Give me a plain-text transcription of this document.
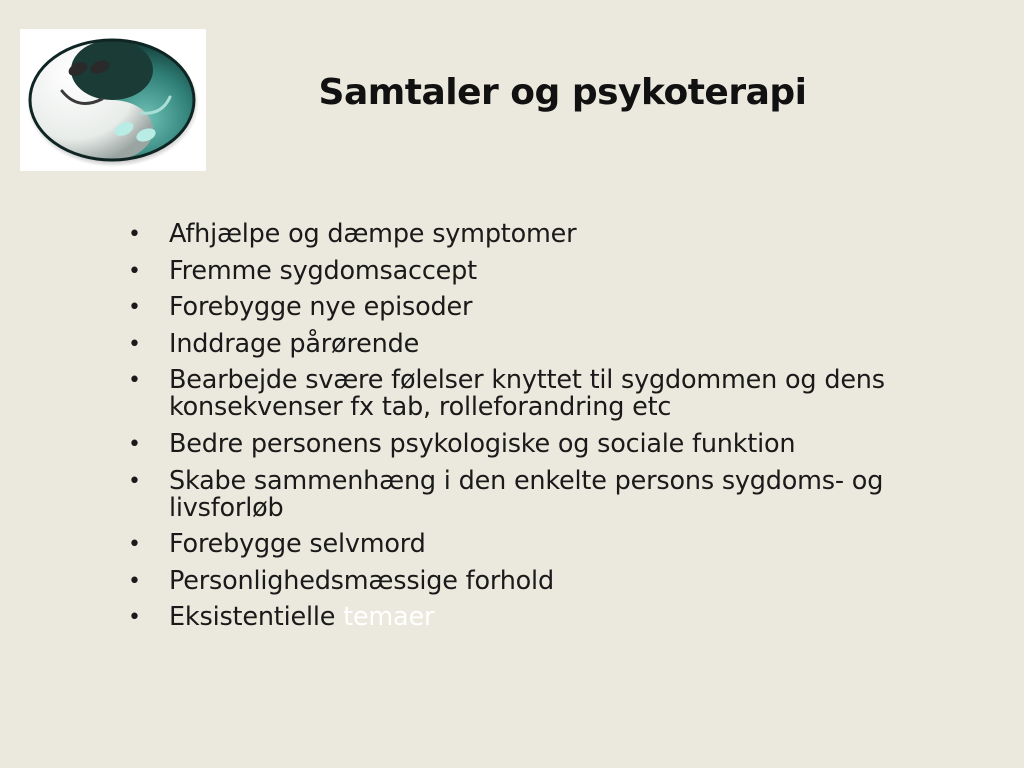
Samtaler og psykoterapi
• Afhjælpe og dæmpe symptomer
• Fremme sygdomsaccept
• Forebygge nye episoder
• Inddrage pårørende
• Bearbejde svære følelser knyttet til sygdommen og dens konsekvenser fx tab, rolleforandring etc
• Bedre personens psykologiske og sociale funktion
• Skabe sammenhæng i den enkelte persons sygdoms- og livsforløb
• Forebygge selvmord
• Personlighedsmæssige forhold
• Eksistentielle temaer
